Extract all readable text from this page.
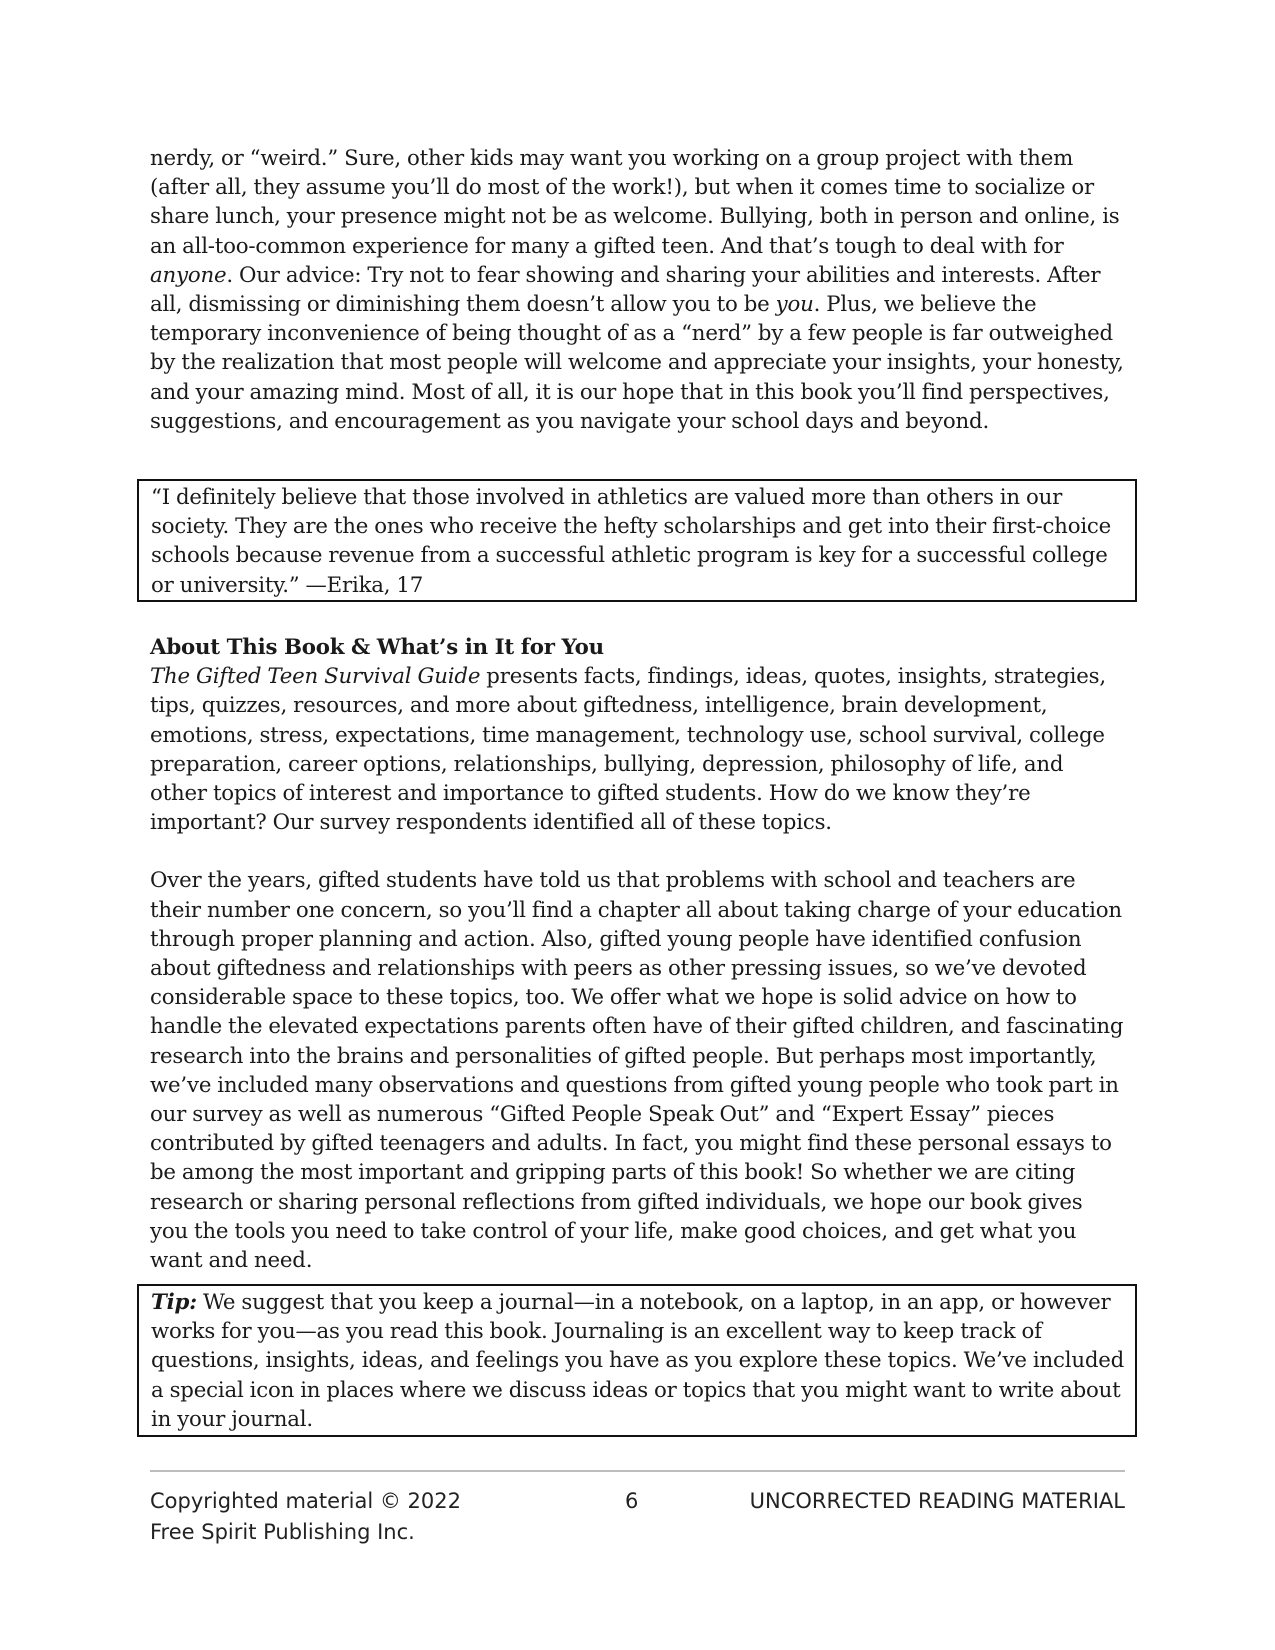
nerdy, or “weird.” Sure, other kids may want you working on a group project with them (after all, they assume you’ll do most of the work!), but when it comes time to socialize or share lunch, your presence might not be as welcome. Bullying, both in person and online, is an all-too-common experience for many a gifted teen. And that’s tough to deal with for anyone. Our advice: Try not to fear showing and sharing your abilities and interests. After all, dismissing or diminishing them doesn’t allow you to be you. Plus, we believe the temporary inconvenience of being thought of as a “nerd” by a few people is far outweighed by the realization that most people will welcome and appreciate your insights, your honesty, and your amazing mind. Most of all, it is our hope that in this book you’ll find perspectives, suggestions, and encouragement as you navigate your school days and beyond.

“I definitely believe that those involved in athletics are valued more than others in our society. They are the ones who receive the hefty scholarships and get into their first-choice schools because revenue from a successful athletic program is key for a successful college or university.” —Erika, 17

About This Book & What’s in It for You

The Gifted Teen Survival Guide presents facts, findings, ideas, quotes, insights, strategies, tips, quizzes, resources, and more about giftedness, intelligence, brain development, emotions, stress, expectations, time management, technology use, school survival, college preparation, career options, relationships, bullying, depression, philosophy of life, and other topics of interest and importance to gifted students. How do we know they’re important? Our survey respondents identified all of these topics.

Over the years, gifted students have told us that problems with school and teachers are their number one concern, so you’ll find a chapter all about taking charge of your education through proper planning and action. Also, gifted young people have identified confusion about giftedness and relationships with peers as other pressing issues, so we’ve devoted considerable space to these topics, too. We offer what we hope is solid advice on how to handle the elevated expectations parents often have of their gifted children, and fascinating research into the brains and personalities of gifted people. But perhaps most importantly, we’ve included many observations and questions from gifted young people who took part in our survey as well as numerous “Gifted People Speak Out” and “Expert Essay” pieces contributed by gifted teenagers and adults. In fact, you might find these personal essays to be among the most important and gripping parts of this book! So whether we are citing research or sharing personal reflections from gifted individuals, we hope our book gives you the tools you need to take control of your life, make good choices, and get what you want and need.

Tip: We suggest that you keep a journal—in a notebook, on a laptop, in an app, or however works for you—as you read this book. Journaling is an excellent way to keep track of questions, insights, ideas, and feelings you have as you explore these topics. We’ve included a special icon in places where we discuss ideas or topics that you might want to write about in your journal.

Copyrighted material © 2022
Free Spirit Publishing Inc.
6	UNCORRECTED READING MATERIAL
